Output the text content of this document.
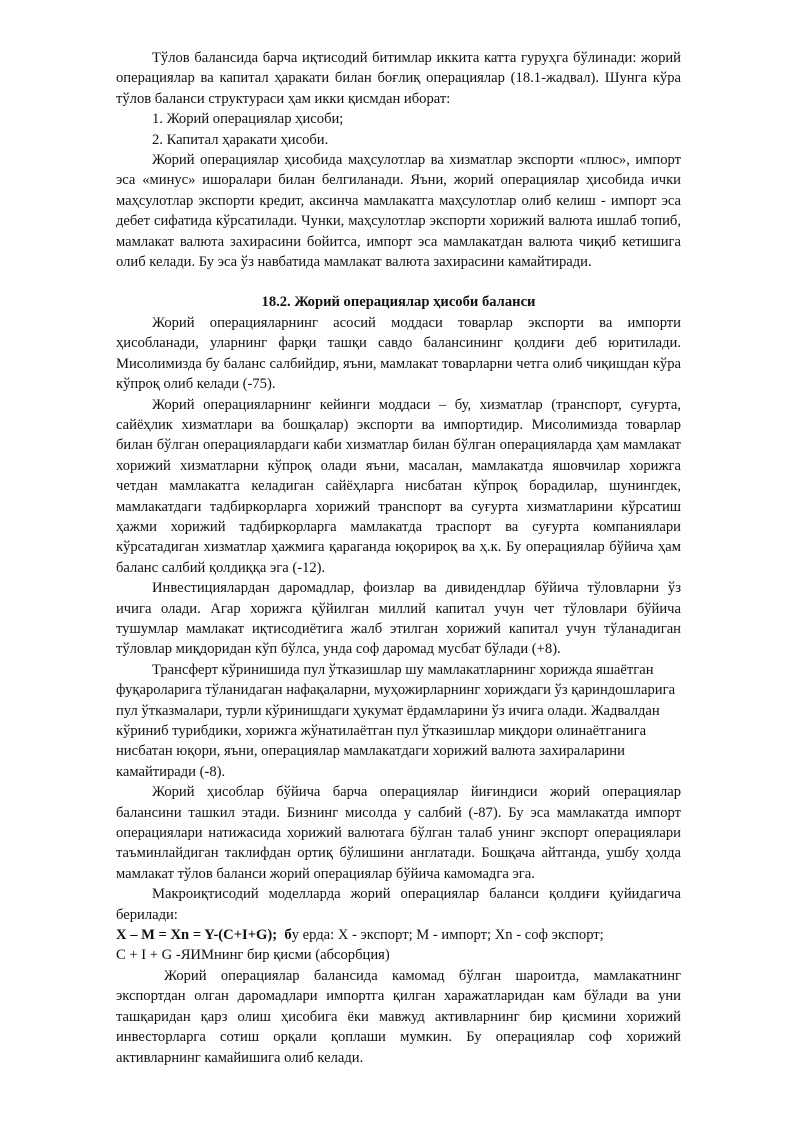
Тўлов балансида барча иқтисодий битимлар иккита катта гуруҳга бўлинади: жорий операциялар ва капитал ҳаракати билан боғлиқ операциялар (18.1-жадвал). Шунга кўра тўлов баланси структураси ҳам икки қисмдан иборат:

1. Жорий операциялар ҳисоби;

2. Капитал ҳаракати ҳисоби.

Жорий операциялар ҳисобида маҳсулотлар ва хизматлар экспорти «плюс», импорт эса «минус» ишоралари билан белгиланади. Яъни, жорий операциялар ҳисобида ички маҳсулотлар экспорти кредит, аксинча мамлакатга маҳсулотлар олиб келиш - импорт эса дебет сифатида кўрсатилади. Чунки, маҳсулотлар экспорти хорижий валюта ишлаб топиб, мамлакат валюта захирасини бойитса, импорт эса мамлакатдан валюта чиқиб кетишига олиб келади. Бу эса ўз навбатида мамлакат валюта захирасини камайтиради.

18.2. Жорий операциялар ҳисоби баланси

Жорий операцияларнинг асосий моддаси товарлар экспорти ва импорти ҳисобланади, уларнинг фарқи ташқи савдо балансининг қолдиғи деб юритилади. Мисолимизда бу баланс салбийдир, яъни, мамлакат товарларни четга олиб чиқишдан кўра кўпроқ олиб келади (-75).

Жорий операцияларнинг кейинги моддаси – бу, хизматлар (транспорт, суғурта, сайёҳлик хизматлари ва бошқалар) экспорти ва импортидир. Мисолимизда товарлар билан бўлган операциялардаги каби хизматлар билан бўлган операцияларда ҳам мамлакат хорижий хизматларни кўпроқ олади яъни, масалан, мамлакатда яшовчилар хорижга четдан мамлакатга келадиган сайёҳларга нисбатан кўпроқ борадилар, шунингдек, мамлакатдаги тадбиркорларга хорижий транспорт ва суғурта хизматларини кўрсатиш ҳажми хорижий тадбиркорларга мамлакатда траспорт ва суғурта компаниялари кўрсатадиган хизматлар ҳажмига қараганда юқорироқ ва ҳ.к. Бу операциялар бўйича ҳам баланс салбий қолдиққа эга (-12).

Инвестициялардан даромадлар, фоизлар ва дивидендлар бўйича тўловларни ўз ичига олади. Агар хорижга қўйилган миллий капитал учун чет тўловлари бўйича тушумлар мамлакат иқтисодиётига жалб этилган хорижий капитал учун тўланадиган тўловлар миқдоридан кўп бўлса, унда соф даромад мусбат бўлади (+8).

Трансферт кўринишида пул ўтказишлар шу мамлакатларнинг хорижда яшаётган
фуқароларига тўланидаган нафақаларни, муҳожирларнинг хориждаги ўз қариндошларига
пул ўтказмалари, турли кўринишдаги ҳукумат ёрдамларини ўз ичига олади. Жадвалдан
кўриниб турибдики, хорижга жўнатилаётган пул ўтказишлар миқдори олинаётганига
нисбатан юқори, яъни, операциялар мамлакатдаги хорижий валюта захираларини
камайтиради (-8).

Жорий ҳисоблар бўйича барча операциялар йиғиндиси жорий операциялар балансини ташкил этади. Бизнинг мисолда у салбий (-87). Бу эса мамлакатда импорт операциялари натижасида хорижий валютага бўлган талаб унинг экспорт операциялари таъминлайдиган таклифдан ортиқ бўлишини англатади. Бошқача айтганда, ушбу ҳолда мамлакат тўлов баланси жорий операциялар бўйича камомадга эга.

Макроиқтисодий моделларда жорий операциялар баланси қолдиғи қуйидагича берилади:

X – M = Xn = Y-(C+I+G); бу ерда: X - экспорт; M - импорт; Xn - соф экспорт;
C + I + G -ЯИМнинг бир қисми (абсорбция)

Жорий операциялар балансида камомад бўлган шароитда, мамлакатнинг экспортдан олган даромадлари импортга қилган харажатларидан кам бўлади ва уни ташқаридан қарз олиш ҳисобига ёки мавжуд активларнинг бир қисмини хорижий инвесторларга сотиш орқали қоплаши мумкин. Бу операциялар соф хорижий активларнинг камайишига олиб келади.
